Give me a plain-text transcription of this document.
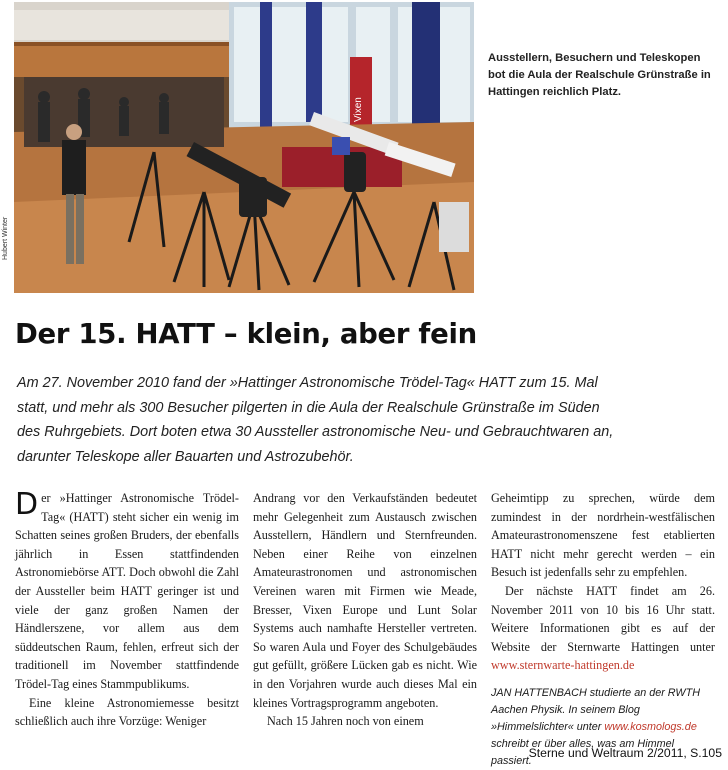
Vixen
Hubert Winter
Ausstellern, Besuchern und Teleskopen bot die Aula der Realschule Grünstraße in Hattingen reichlich Platz.
Der 15. HATT – klein, aber fein

Am 27. November 2010 fand der »Hattinger Astronomische Trödel-Tag« HATT zum 15. Mal statt, und mehr als 300 Besucher pilgerten in die Aula der Realschule Grünstraße im Süden des Ruhrgebiets. Dort boten etwa 30 Aussteller astronomische Neu- und Gebrauchtwaren an, darunter Teleskope aller Bauarten und Astrozubehör.

Der »Hattinger Astronomische Trödel-Tag« (HATT) steht sicher ein wenig im Schatten seines großen Bruders, der ebenfalls jährlich in Essen stattfindenden Astronomiebörse ATT. Doch obwohl die Zahl der Aussteller beim HATT geringer ist und viele der ganz großen Namen der Händlerszene, vor allem aus dem süddeutschen Raum, fehlen, erfreut sich der traditionell im November stattfindende Trödel-Tag eines Stammpublikums.

Eine kleine Astronomiemesse besitzt schließlich auch ihre Vorzüge: Weniger

Andrang vor den Verkaufständen bedeutet mehr Gelegenheit zum Austausch zwischen Ausstellern, Händlern und Sternfreunden. Neben einer Reihe von einzelnen Amateurastronomen und astronomischen Vereinen waren mit Firmen wie Meade, Bresser, Vixen Europe und Lunt Solar Systems auch namhafte Hersteller vertreten. So waren Aula und Foyer des Schulgebäudes gut gefüllt, größere Lücken gab es nicht. Wie in den Vorjahren wurde auch dieses Mal ein kleines Vortragsprogramm angeboten.

Nach 15 Jahren noch von einem

Geheimtipp zu sprechen, würde dem zumindest in der nordrhein-westfälischen Amateurastronomenszene fest etablierten HATT nicht mehr gerecht werden – ein Besuch ist jedenfalls sehr zu empfehlen.

Der nächste HATT findet am 26. November 2011 von 10 bis 16 Uhr statt. Weitere Informationen gibt es auf der Website der Sternwarte Hattingen unter www.sternwarte-hattingen.de

JAN HATTENBACH studierte an der RWTH Aachen Physik. In seinem Blog »Himmelslichter« unter www.kosmologs.de schreibt er über alles, was am Himmel passiert.

Sterne und Weltraum 2/2011, S.105
